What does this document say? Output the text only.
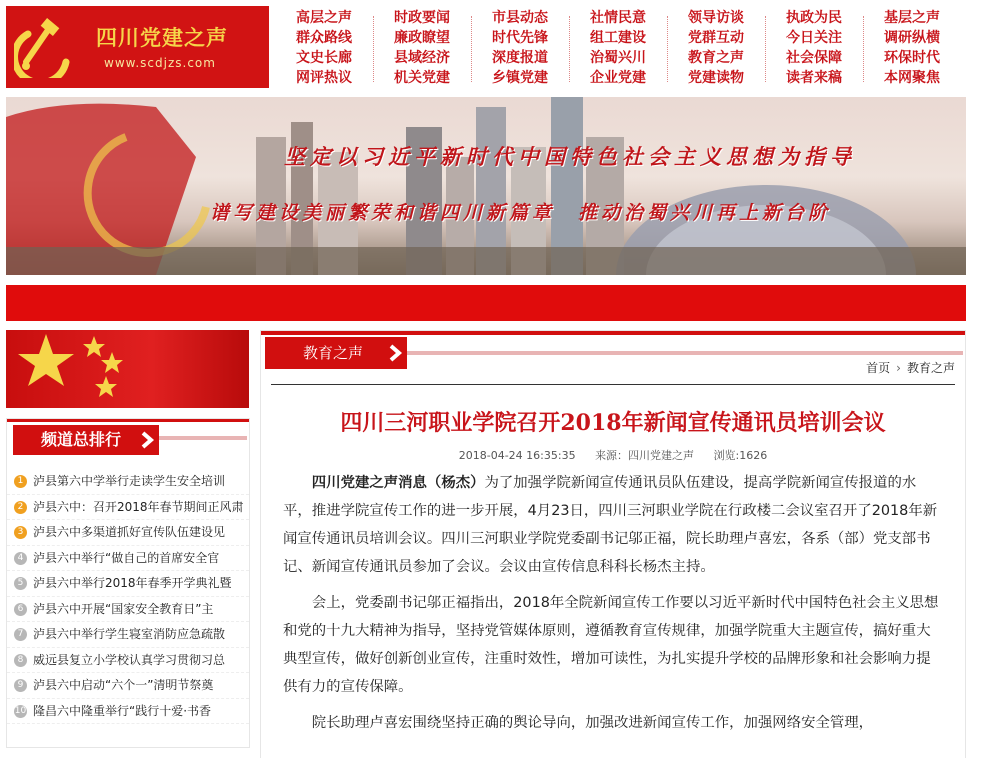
四川党建之声
www.scdjzs.com
高层之声
群众路线
文史长廊
网评热议
时政要闻
廉政瞭望
县域经济
机关党建
市县动态
时代先锋
深度报道
乡镇党建
社情民意
组工建设
治蜀兴川
企业党建
领导访谈
党群互动
教育之声
党建读物
执政为民
今日关注
社会保障
读者来稿
基层之声
调研纵横
环保时代
本网聚焦
坚定以习近平新时代中国特色社会主义思想为指导
谱写建设美丽繁荣和谐四川新篇章　推动治蜀兴川再上新台阶
频道总排行
1 泸县第六中学举行走读学生安全培训
2 泸县六中：召开2018年春节期间正风肃
3 泸县六中多渠道抓好宣传队伍建设见
4 泸县六中举行“做自己的首席安全官
5 泸县六中举行2018年春季开学典礼暨
6 泸县六中开展“国家安全教育日”主
7 泸县六中举行学生寝室消防应急疏散
8 威远县复立小学校认真学习贯彻习总
9 泸县六中启动“六个一”清明节祭奠
10 隆昌六中隆重举行“践行十爱·书香
教育之声
首页 › 教育之声
四川三河职业学院召开2018年新闻宣传通讯员培训会议
2018-04-24 16:35:35 来源：四川党建之声 浏览:1626

四川党建之声消息（杨杰）为了加强学院新闻宣传通讯员队伍建设，提高学院新闻宣传报道的水平，推进学院宣传工作的进一步开展，4月23日，四川三河职业学院在行政楼二会议室召开了2018年新闻宣传通讯员培训会议。四川三河职业学院党委副书记邬正福，院长助理卢喜宏，各系（部）党支部书记、新闻宣传通讯员参加了会议。会议由宣传信息科科长杨杰主持。

会上，党委副书记邬正福指出，2018年全院新闻宣传工作要以习近平新时代中国特色社会主义思想和党的十九大精神为指导，坚持党管媒体原则，遵循教育宣传规律，加强学院重大主题宣传，搞好重大典型宣传，做好创新创业宣传，注重时效性，增加可读性，为扎实提升学校的品牌形象和社会影响力提供有力的宣传保障。

院长助理卢喜宏围绕坚持正确的舆论导向，加强改进新闻宣传工作，加强网络安全管理，
